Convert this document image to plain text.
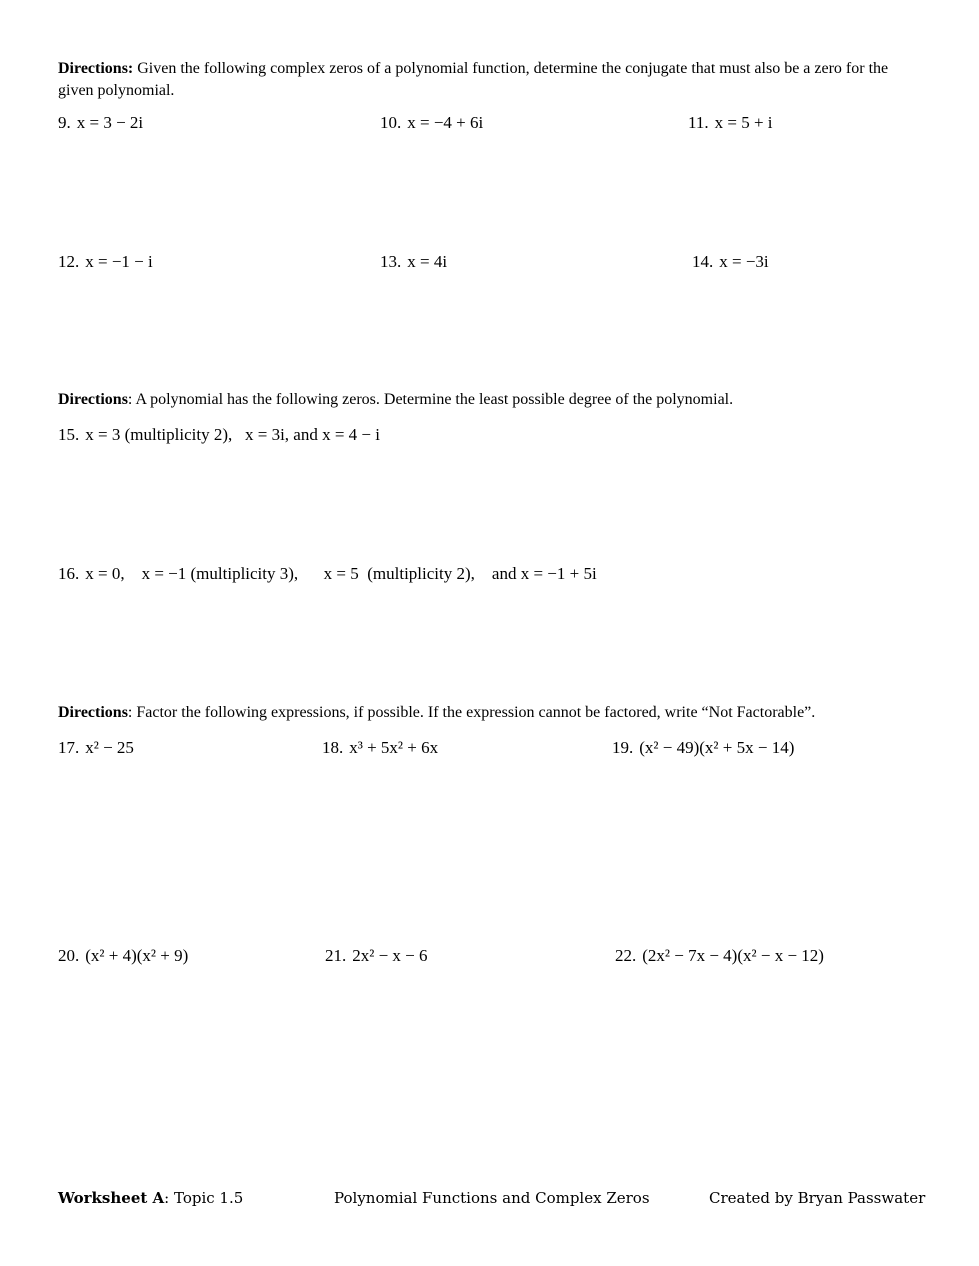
Directions: Given the following complex zeros of a polynomial function, determine the conjugate that must also be a zero for the given polynomial.
9. x = 3 − 2i	10. x = −4 + 6i	11. x = 5 + i
12. x = −1 − i	13. x = 4i	14. x = −3i
Directions: A polynomial has the following zeros. Determine the least possible degree of the polynomial.
15. x = 3 (multiplicity 2),   x = 3i, and x = 4 − i
16. x = 0,    x = −1 (multiplicity 3),      x = 5  (multiplicity 2),    and x = −1 + 5i
Directions: Factor the following expressions, if possible. If the expression cannot be factored, write “Not Factorable”.
17. x² − 25	18. x³ + 5x² + 6x	19. (x² − 49)(x² + 5x − 14)
20. (x² + 4)(x² + 9)	21. 2x² − x − 6	22. (2x² − 7x − 4)(x² − x − 12)
Worksheet A: Topic 1.5	Polynomial Functions and Complex Zeros	Created by Bryan Passwater
